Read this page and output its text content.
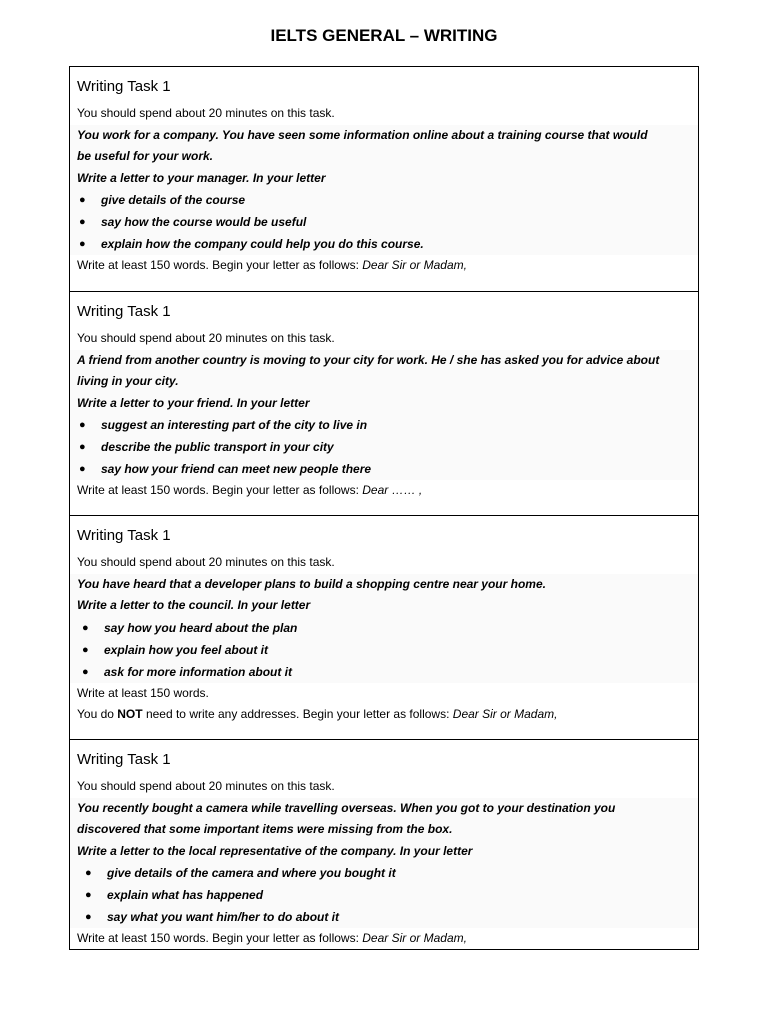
IELTS GENERAL – WRITING
Writing Task 1
You should spend about 20 minutes on this task.
You work for a company. You have seen some information online about a training course that would be useful for your work.
Write a letter to your manager. In your letter
● give details of the course
● say how the course would be useful
● explain how the company could help you do this course.
Write at least 150 words. Begin your letter as follows: Dear Sir or Madam,
Writing Task 1
You should spend about 20 minutes on this task.
A friend from another country is moving to your city for work. He / she has asked you for advice about living in your city.
Write a letter to your friend. In your letter
● suggest an interesting part of the city to live in
● describe the public transport in your city
● say how your friend can meet new people there
Write at least 150 words. Begin your letter as follows: Dear …… ,
Writing Task 1
You should spend about 20 minutes on this task.
You have heard that a developer plans to build a shopping centre near your home.
Write a letter to the council. In your letter
● say how you heard about the plan
● explain how you feel about it
● ask for more information about it
Write at least 150 words.
You do NOT need to write any addresses. Begin your letter as follows: Dear Sir or Madam,
Writing Task 1
You should spend about 20 minutes on this task.
You recently bought a camera while travelling overseas. When you got to your destination you discovered that some important items were missing from the box.
Write a letter to the local representative of the company. In your letter
● give details of the camera and where you bought it
● explain what has happened
● say what you want him/her to do about it
Write at least 150 words. Begin your letter as follows: Dear Sir or Madam,
